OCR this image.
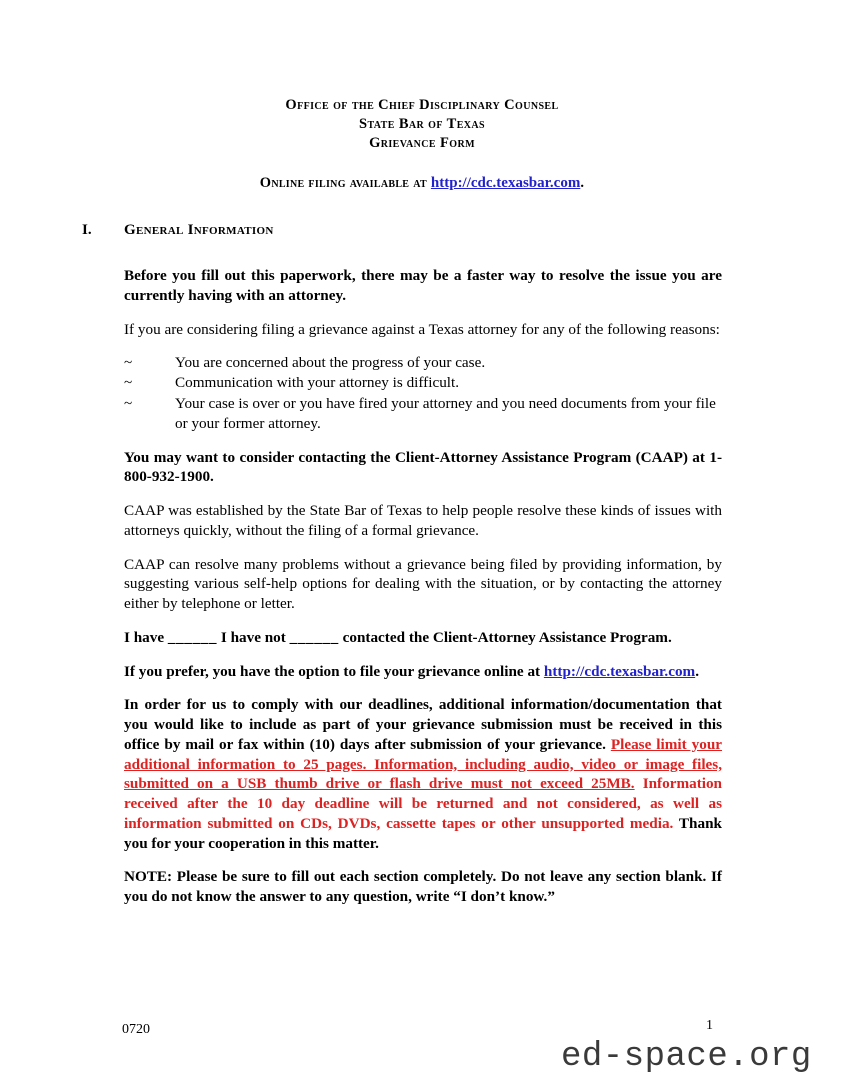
Office of the Chief Disciplinary Counsel
State Bar of Texas
Grievance Form
Online filing available at http://cdc.texasbar.com.
I. General Information

Before you fill out this paperwork, there may be a faster way to resolve the issue you are currently having with an attorney.

If you are considering filing a grievance against a Texas attorney for any of the following reasons:

~	You are concerned about the progress of your case.
~	Communication with your attorney is difficult.
~	Your case is over or you have fired your attorney and you need documents from your file or your former attorney.

You may want to consider contacting the Client-Attorney Assistance Program (CAAP) at 1-800-932-1900.

CAAP was established by the State Bar of Texas to help people resolve these kinds of issues with attorneys quickly, without the filing of a formal grievance.

CAAP can resolve many problems without a grievance being filed by providing information, by suggesting various self-help options for dealing with the situation, or by contacting the attorney either by telephone or letter.

I have ______ I have not ______ contacted the Client-Attorney Assistance Program.

If you prefer, you have the option to file your grievance online at http://cdc.texasbar.com.

In order for us to comply with our deadlines, additional information/documentation that you would like to include as part of your grievance submission must be received in this office by mail or fax within (10) days after submission of your grievance. Please limit your additional information to 25 pages. Information, including audio, video or image files, submitted on a USB thumb drive or flash drive must not exceed 25MB. Information received after the 10 day deadline will be returned and not considered, as well as information submitted on CDs, DVDs, cassette tapes or other unsupported media. Thank you for your cooperation in this matter.

NOTE: Please be sure to fill out each section completely. Do not leave any section blank. If you do not know the answer to any question, write “I don’t know.”

0720	1
ed-space.org
